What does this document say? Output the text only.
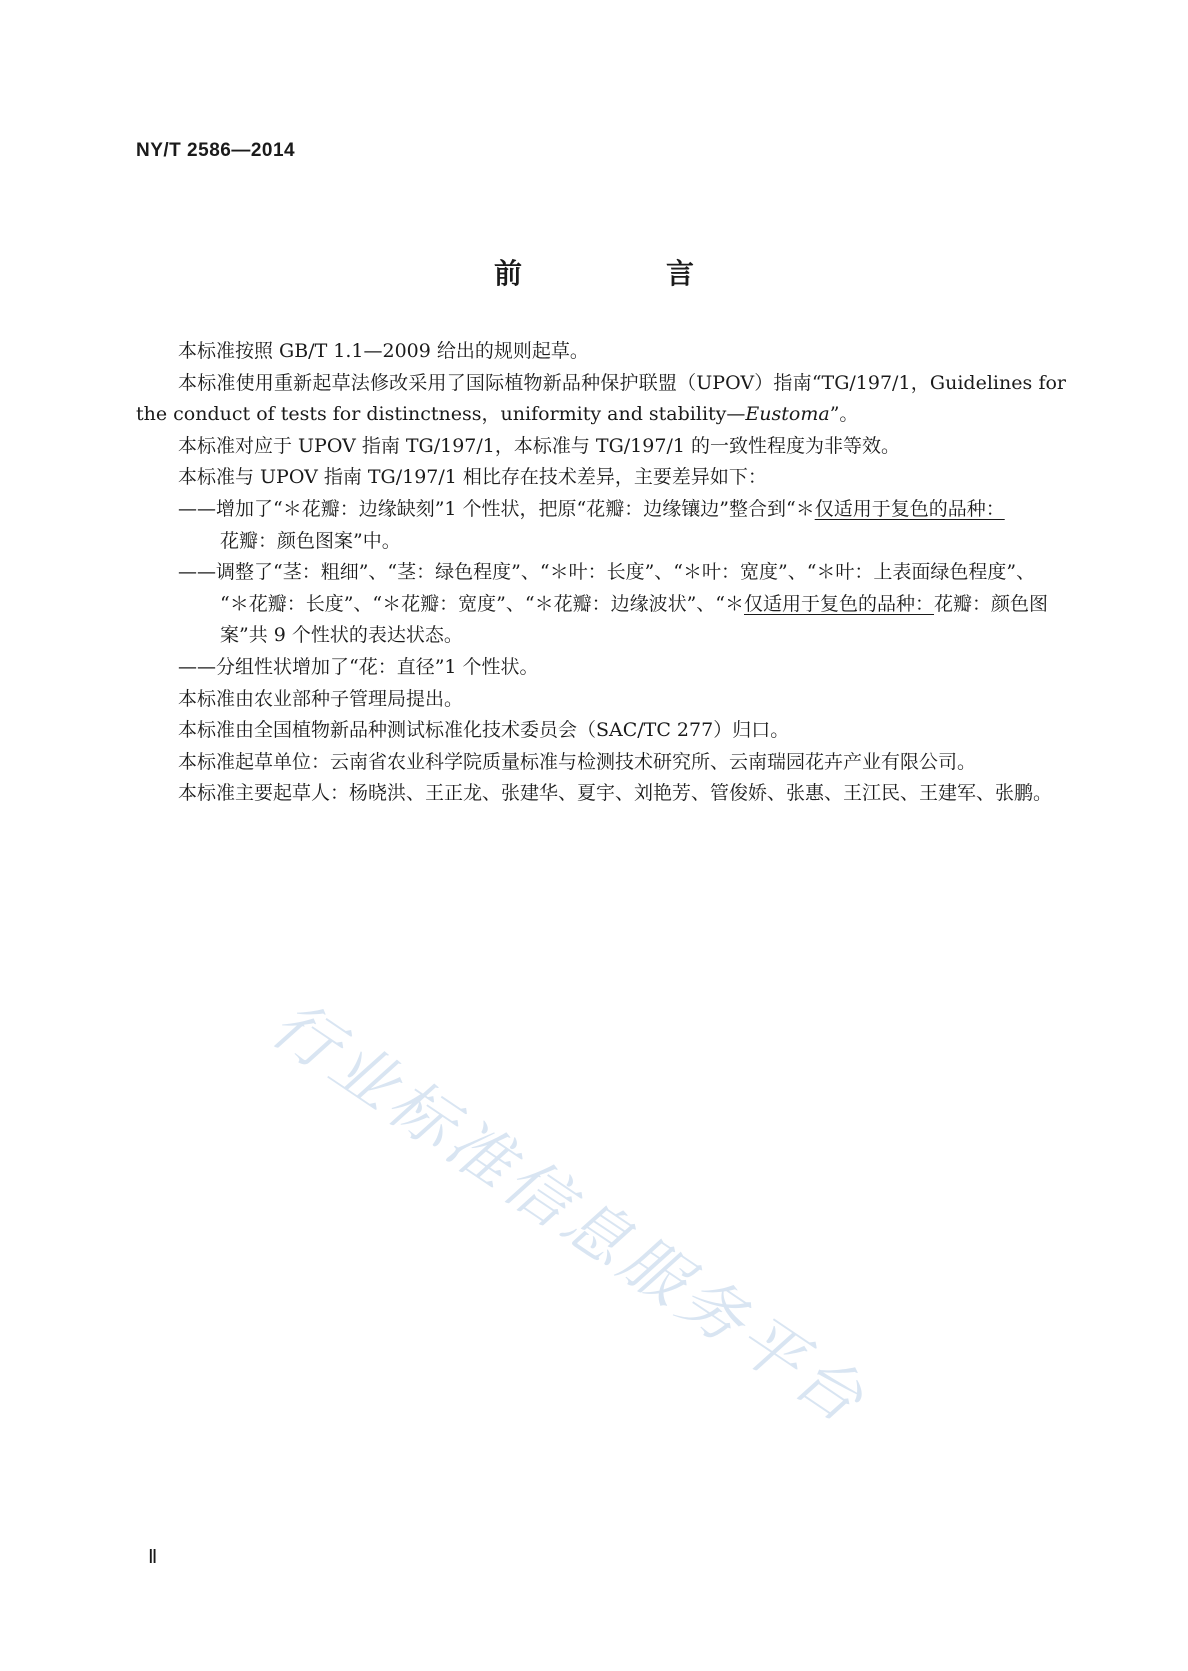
NY/T 2586—2014
前　言

本标准按照 GB/T 1.1—2009 给出的规则起草。

本标准使用重新起草法修改采用了国际植物新品种保护联盟（UPOV）指南“TG/197/1，Guidelines for the conduct of tests for distinctness，uniformity and stability—Eustoma”。

本标准对应于 UPOV 指南 TG/197/1，本标准与 TG/197/1 的一致性程度为非等效。

本标准与 UPOV 指南 TG/197/1 相比存在技术差异，主要差异如下：

——增加了“＊花瓣：边缘缺刻”1 个性状，把原“花瓣：边缘镶边”整合到“＊仅适用于复色的品种：
花瓣：颜色图案”中。

——调整了“茎：粗细”、“茎：绿色程度”、“＊叶：长度”、“＊叶：宽度”、“＊叶：上表面绿色程度”、
“＊花瓣：长度”、“＊花瓣：宽度”、“＊花瓣：边缘波状”、“＊仅适用于复色的品种：花瓣：颜色图
案”共 9 个性状的表达状态。

——分组性状增加了“花：直径”1 个性状。

本标准由农业部种子管理局提出。

本标准由全国植物新品种测试标准化技术委员会（SAC/TC 277）归口。

本标准起草单位：云南省农业科学院质量标准与检测技术研究所、云南瑞园花卉产业有限公司。

本标准主要起草人：杨晓洪、王正龙、张建华、夏宇、刘艳芳、管俊娇、张惠、王江民、王建军、张鹏。

行业标准信息服务平台
Ⅱ
